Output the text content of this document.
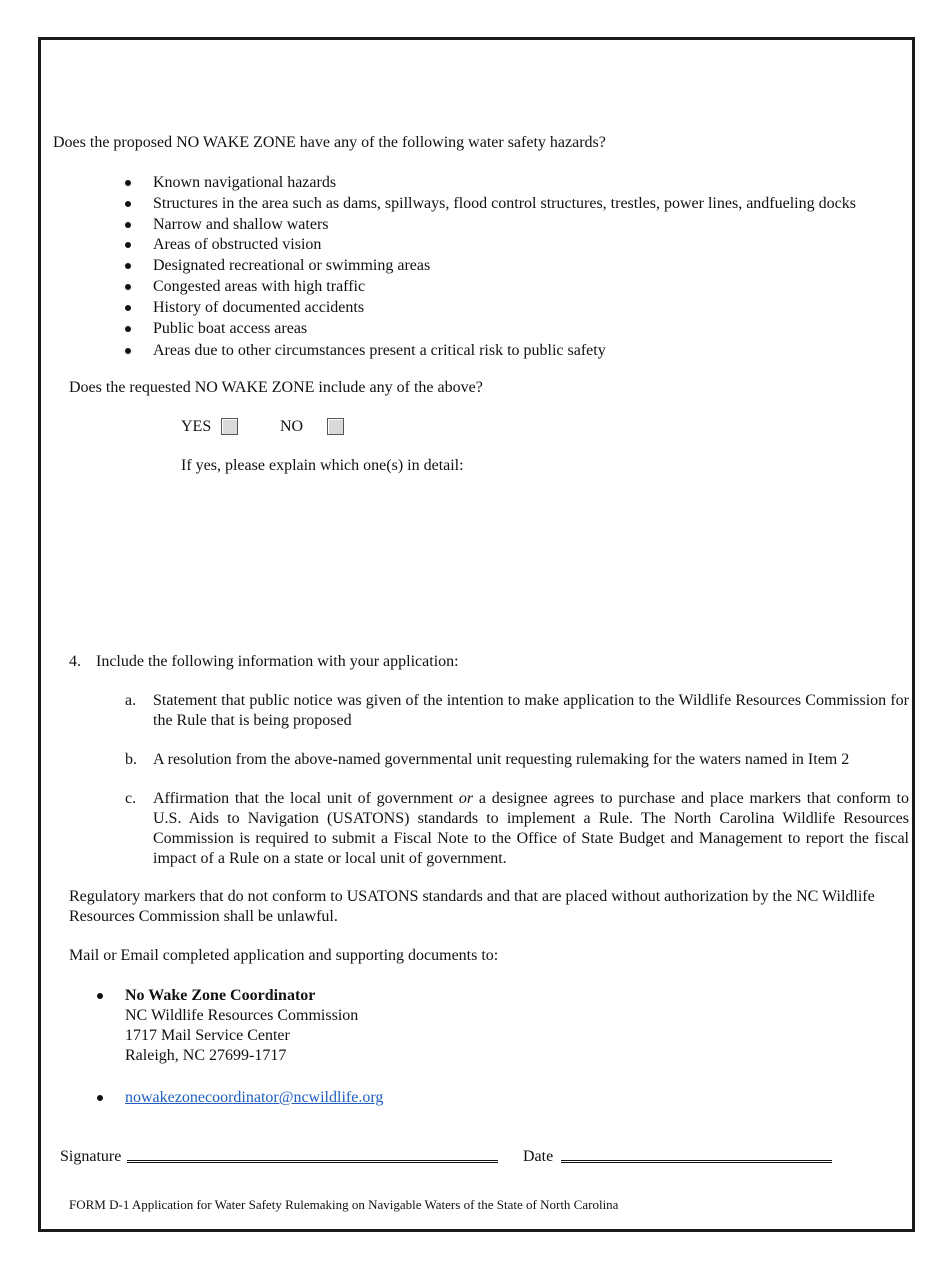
Does the proposed NO WAKE ZONE have any of the following water safety hazards?
Known navigational hazards
Structures in the area such as dams, spillways, flood control structures, trestles, power lines, andfueling docks
Narrow and shallow waters
Areas of obstructed vision
Designated recreational or swimming areas
Congested areas with high traffic
History of documented accidents
Public boat access areas
Areas due to other circumstances present a critical risk to public safety
Does the requested NO WAKE ZONE include any of the above?
YES	NO
If yes, please explain which one(s) in detail:
4. Include the following information with your application:
a. Statement that public notice was given of the intention to make application to the Wildlife Resources Commission for the Rule that is being proposed
b. A resolution from the above-named governmental unit requesting rulemaking for the waters named in Item 2
c. Affirmation that the local unit of government or a designee agrees to purchase and place markers that conform to U.S. Aids to Navigation (USATONS) standards to implement a Rule. The North Carolina Wildlife Resources Commission is required to submit a Fiscal Note to the Office of State Budget and Management to report the fiscal impact of a Rule on a state or local unit of government.
Regulatory markers that do not conform to USATONS standards and that are placed without authorization by the NC Wildlife Resources Commission shall be unlawful.
Mail or Email completed application and supporting documents to:
No Wake Zone Coordinator
NC Wildlife Resources Commission
1717 Mail Service Center
Raleigh, NC 27699-1717
nowakezonecoordinator@ncwildlife.org
Signature	Date
FORM D-1 Application for Water Safety Rulemaking on Navigable Waters of the State of North Carolina
